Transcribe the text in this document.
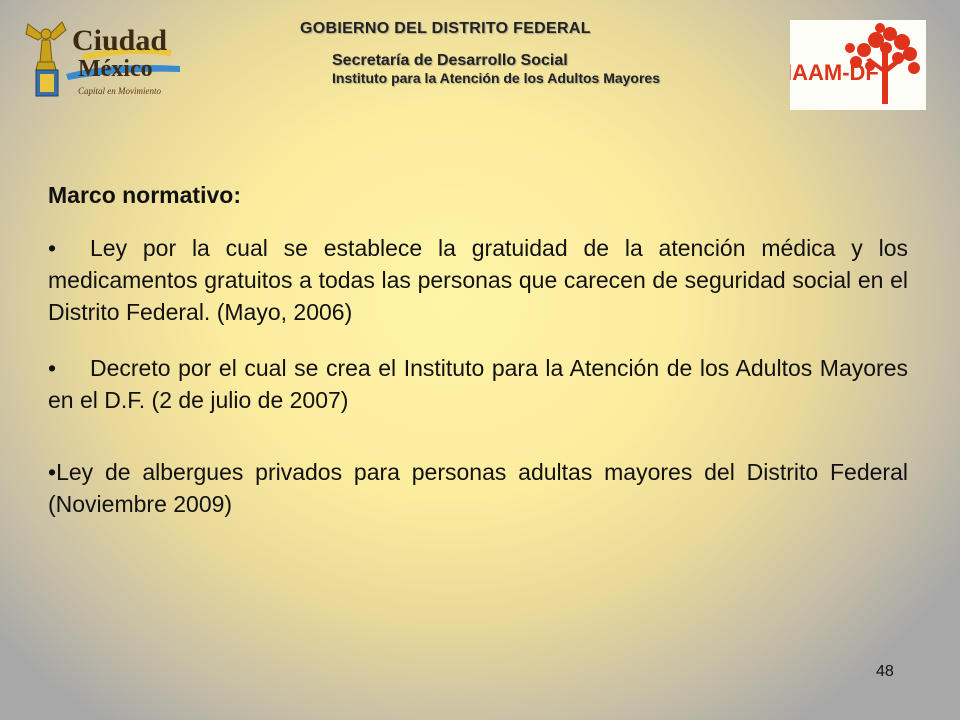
Ciudad
México
Capital en Movimiento
GOBIERNO DEL DISTRITO FEDERAL
Secretaría de Desarrollo Social
Instituto para la Atención de los Adultos Mayores	IAAM-DF
Marco normativo:
• Ley por la cual se establece la gratuidad de la atención médica y los medicamentos gratuitos a todas las personas que carecen de seguridad social en el Distrito Federal. (Mayo, 2006)
• Decreto por el cual se crea el Instituto para la Atención de los Adultos Mayores en el D.F. (2 de julio de 2007)
•Ley de albergues privados para personas adultas mayores del Distrito Federal (Noviembre 2009)
48
